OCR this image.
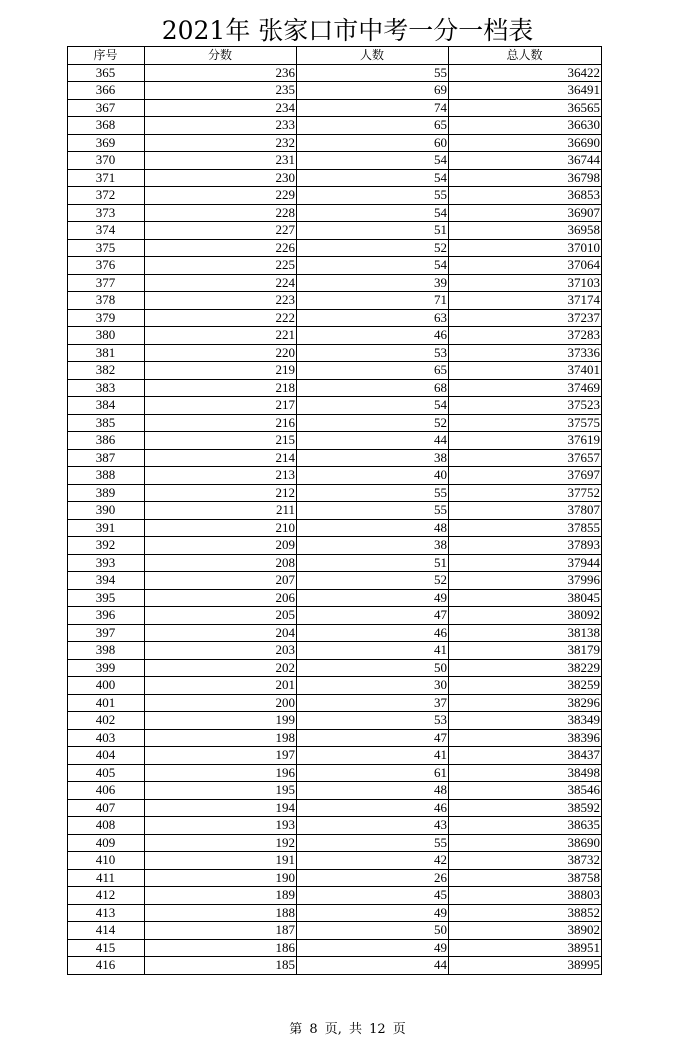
2021年 张家口市中考一分一档表
序号	分数	人数	总人数
365	236	55	36422
366	235	69	36491
367	234	74	36565
368	233	65	36630
369	232	60	36690
370	231	54	36744
371	230	54	36798
372	229	55	36853
373	228	54	36907
374	227	51	36958
375	226	52	37010
376	225	54	37064
377	224	39	37103
378	223	71	37174
379	222	63	37237
380	221	46	37283
381	220	53	37336
382	219	65	37401
383	218	68	37469
384	217	54	37523
385	216	52	37575
386	215	44	37619
387	214	38	37657
388	213	40	37697
389	212	55	37752
390	211	55	37807
391	210	48	37855
392	209	38	37893
393	208	51	37944
394	207	52	37996
395	206	49	38045
396	205	47	38092
397	204	46	38138
398	203	41	38179
399	202	50	38229
400	201	30	38259
401	200	37	38296
402	199	53	38349
403	198	47	38396
404	197	41	38437
405	196	61	38498
406	195	48	38546
407	194	46	38592
408	193	43	38635
409	192	55	38690
410	191	42	38732
411	190	26	38758
412	189	45	38803
413	188	49	38852
414	187	50	38902
415	186	49	38951
416	185	44	38995
第 8 页, 共 12 页
